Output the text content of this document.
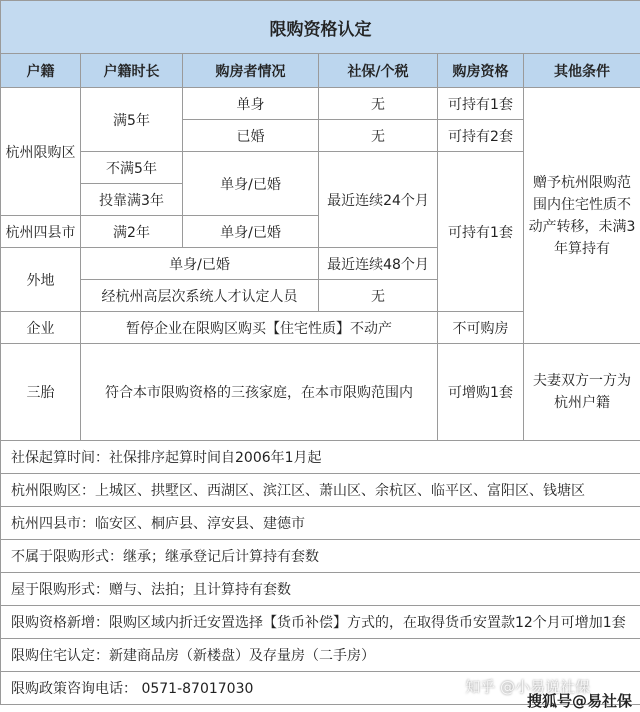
限购资格认定					
户籍	户籍时长	购房者情况	社保/个税	购房资格	其他条件
杭州限购区	满5年	单身	无	可持有1套	赠予杭州限购范围内住宅性质不动产转移，未满3年算持有
		已婚	无	可持有2套	
	不满5年	单身/已婚	最近连续24个月	可持有1套	
	投靠满3年				
杭州四县市	满2年	单身/已婚			
外地	单身/已婚		最近连续48个月		
	经杭州高层次系统人才认定人员		无		
企业	暂停企业在限购区购买【住宅性质】不动产			不可购房	
三胎	符合本市限购资格的三孩家庭，在本市限购范围内			可增购1套	夫妻双方一方为杭州户籍
社保起算时间：社保排序起算时间自2006年1月起					
杭州限购区：上城区、拱墅区、西湖区、滨江区、萧山区、余杭区、临平区、富阳区、钱塘区					
杭州四县市：临安区、桐庐县、淳安县、建德市					
不属于限购形式：继承；继承登记后计算持有套数					
屋于限购形式：赠与、法拍；且计算持有套数					
限购资格新增：限购区域内折迁安置选择【货币补偿】方式的，在取得货币安置款12个月可增加1套					
限购住宅认定：新建商品房（新楼盘）及存量房（二手房）					
限购政策咨询电话： 0571-87017030						知乎 @小易说社保
搜狐号@易社保
